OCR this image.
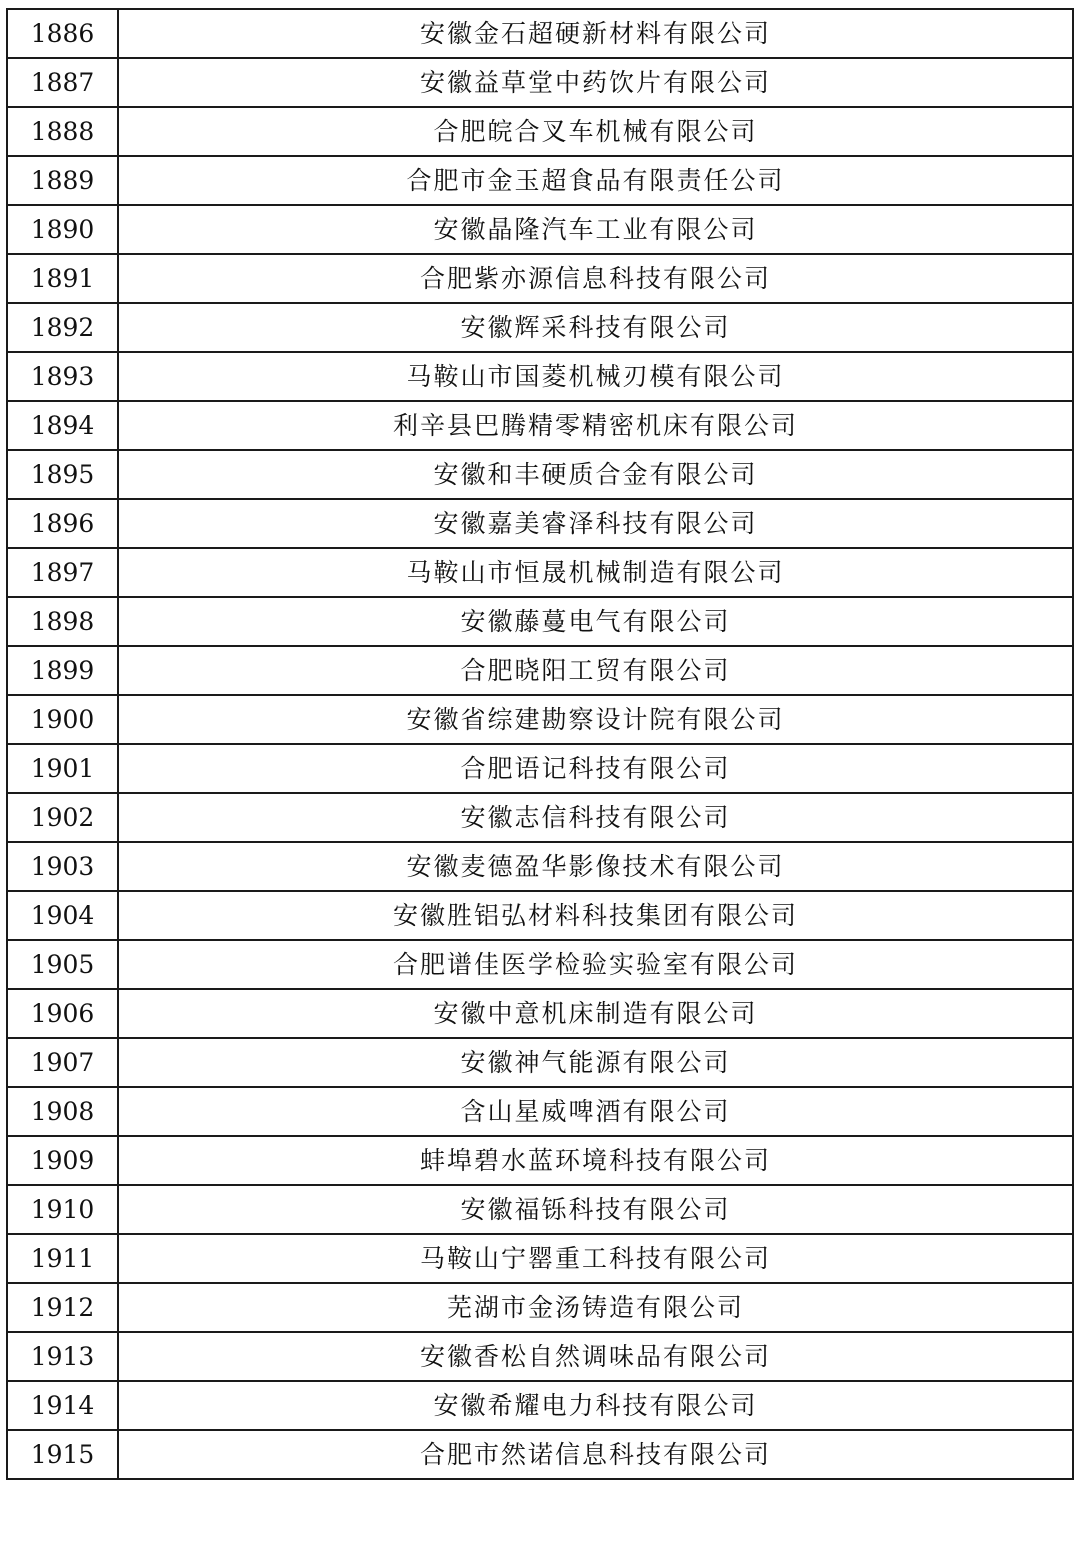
1886	安徽金石超硬新材料有限公司
1887	安徽益草堂中药饮片有限公司
1888	合肥皖合叉车机械有限公司
1889	合肥市金玉超食品有限责任公司
1890	安徽晶隆汽车工业有限公司
1891	合肥紫亦源信息科技有限公司
1892	安徽辉采科技有限公司
1893	马鞍山市国菱机械刃模有限公司
1894	利辛县巴腾精零精密机床有限公司
1895	安徽和丰硬质合金有限公司
1896	安徽嘉美睿泽科技有限公司
1897	马鞍山市恒晟机械制造有限公司
1898	安徽藤蔓电气有限公司
1899	合肥晓阳工贸有限公司
1900	安徽省综建勘察设计院有限公司
1901	合肥语记科技有限公司
1902	安徽志信科技有限公司
1903	安徽麦德盈华影像技术有限公司
1904	安徽胜铝弘材料科技集团有限公司
1905	合肥谱佳医学检验实验室有限公司
1906	安徽中意机床制造有限公司
1907	安徽神气能源有限公司
1908	含山星威啤酒有限公司
1909	蚌埠碧水蓝环境科技有限公司
1910	安徽福铄科技有限公司
1911	马鞍山宁罂重工科技有限公司
1912	芜湖市金汤铸造有限公司
1913	安徽香松自然调味品有限公司
1914	安徽希耀电力科技有限公司
1915	合肥市然诺信息科技有限公司
